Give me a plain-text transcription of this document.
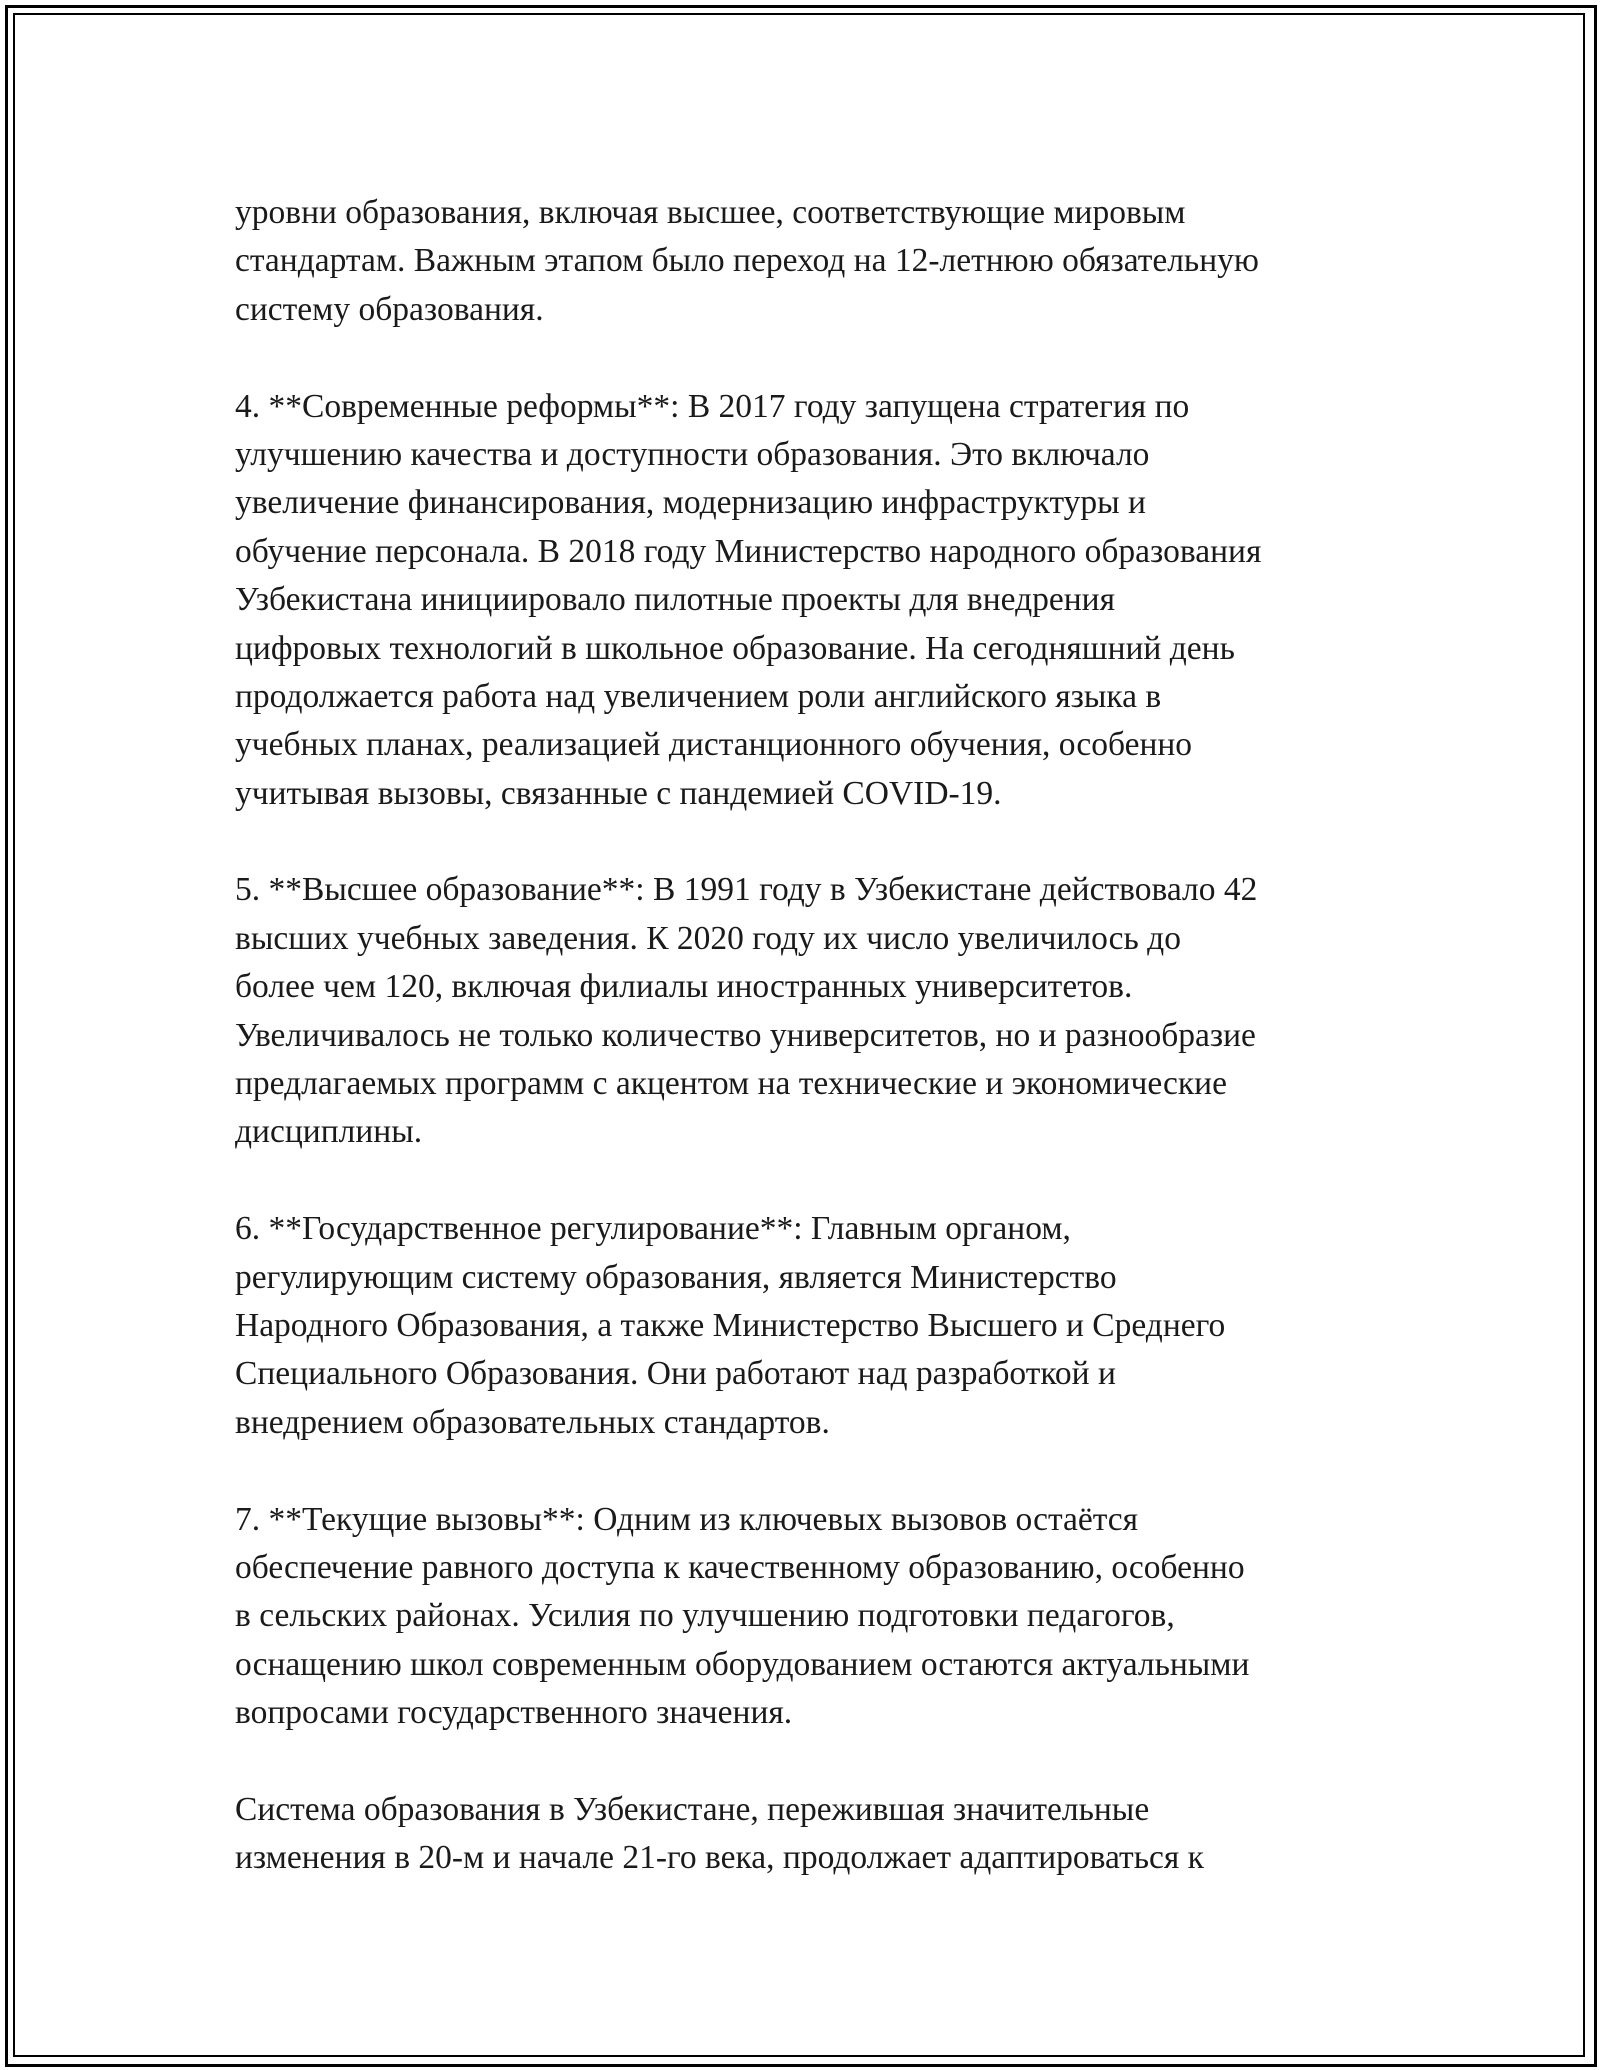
уровни образования, включая высшее, соответствующие мировым
стандартам. Важным этапом было переход на 12-летнюю обязательную
систему образования.

4. **Современные реформы**: В 2017 году запущена стратегия по
улучшению качества и доступности образования. Это включало
увеличение финансирования, модернизацию инфраструктуры и
обучение персонала. В 2018 году Министерство народного образования
Узбекистана инициировало пилотные проекты для внедрения
цифровых технологий в школьное образование. На сегодняшний день
продолжается работа над увеличением роли английского языка в
учебных планах, реализацией дистанционного обучения, особенно
учитывая вызовы, связанные с пандемией COVID-19.

5. **Высшее образование**: В 1991 году в Узбекистане действовало 42
высших учебных заведения. К 2020 году их число увеличилось до
более чем 120, включая филиалы иностранных университетов.
Увеличивалось не только количество университетов, но и разнообразие
предлагаемых программ с акцентом на технические и экономические
дисциплины.

6. **Государственное регулирование**: Главным органом,
регулирующим систему образования, является Министерство
Народного Образования, а также Министерство Высшего и Среднего
Специального Образования. Они работают над разработкой и
внедрением образовательных стандартов.

7. **Текущие вызовы**: Одним из ключевых вызовов остаётся
обеспечение равного доступа к качественному образованию, особенно
в сельских районах. Усилия по улучшению подготовки педагогов,
оснащению школ современным оборудованием остаются актуальными
вопросами государственного значения.

Система образования в Узбекистане, пережившая значительные
изменения в 20-м и начале 21-го века, продолжает адаптироваться к
